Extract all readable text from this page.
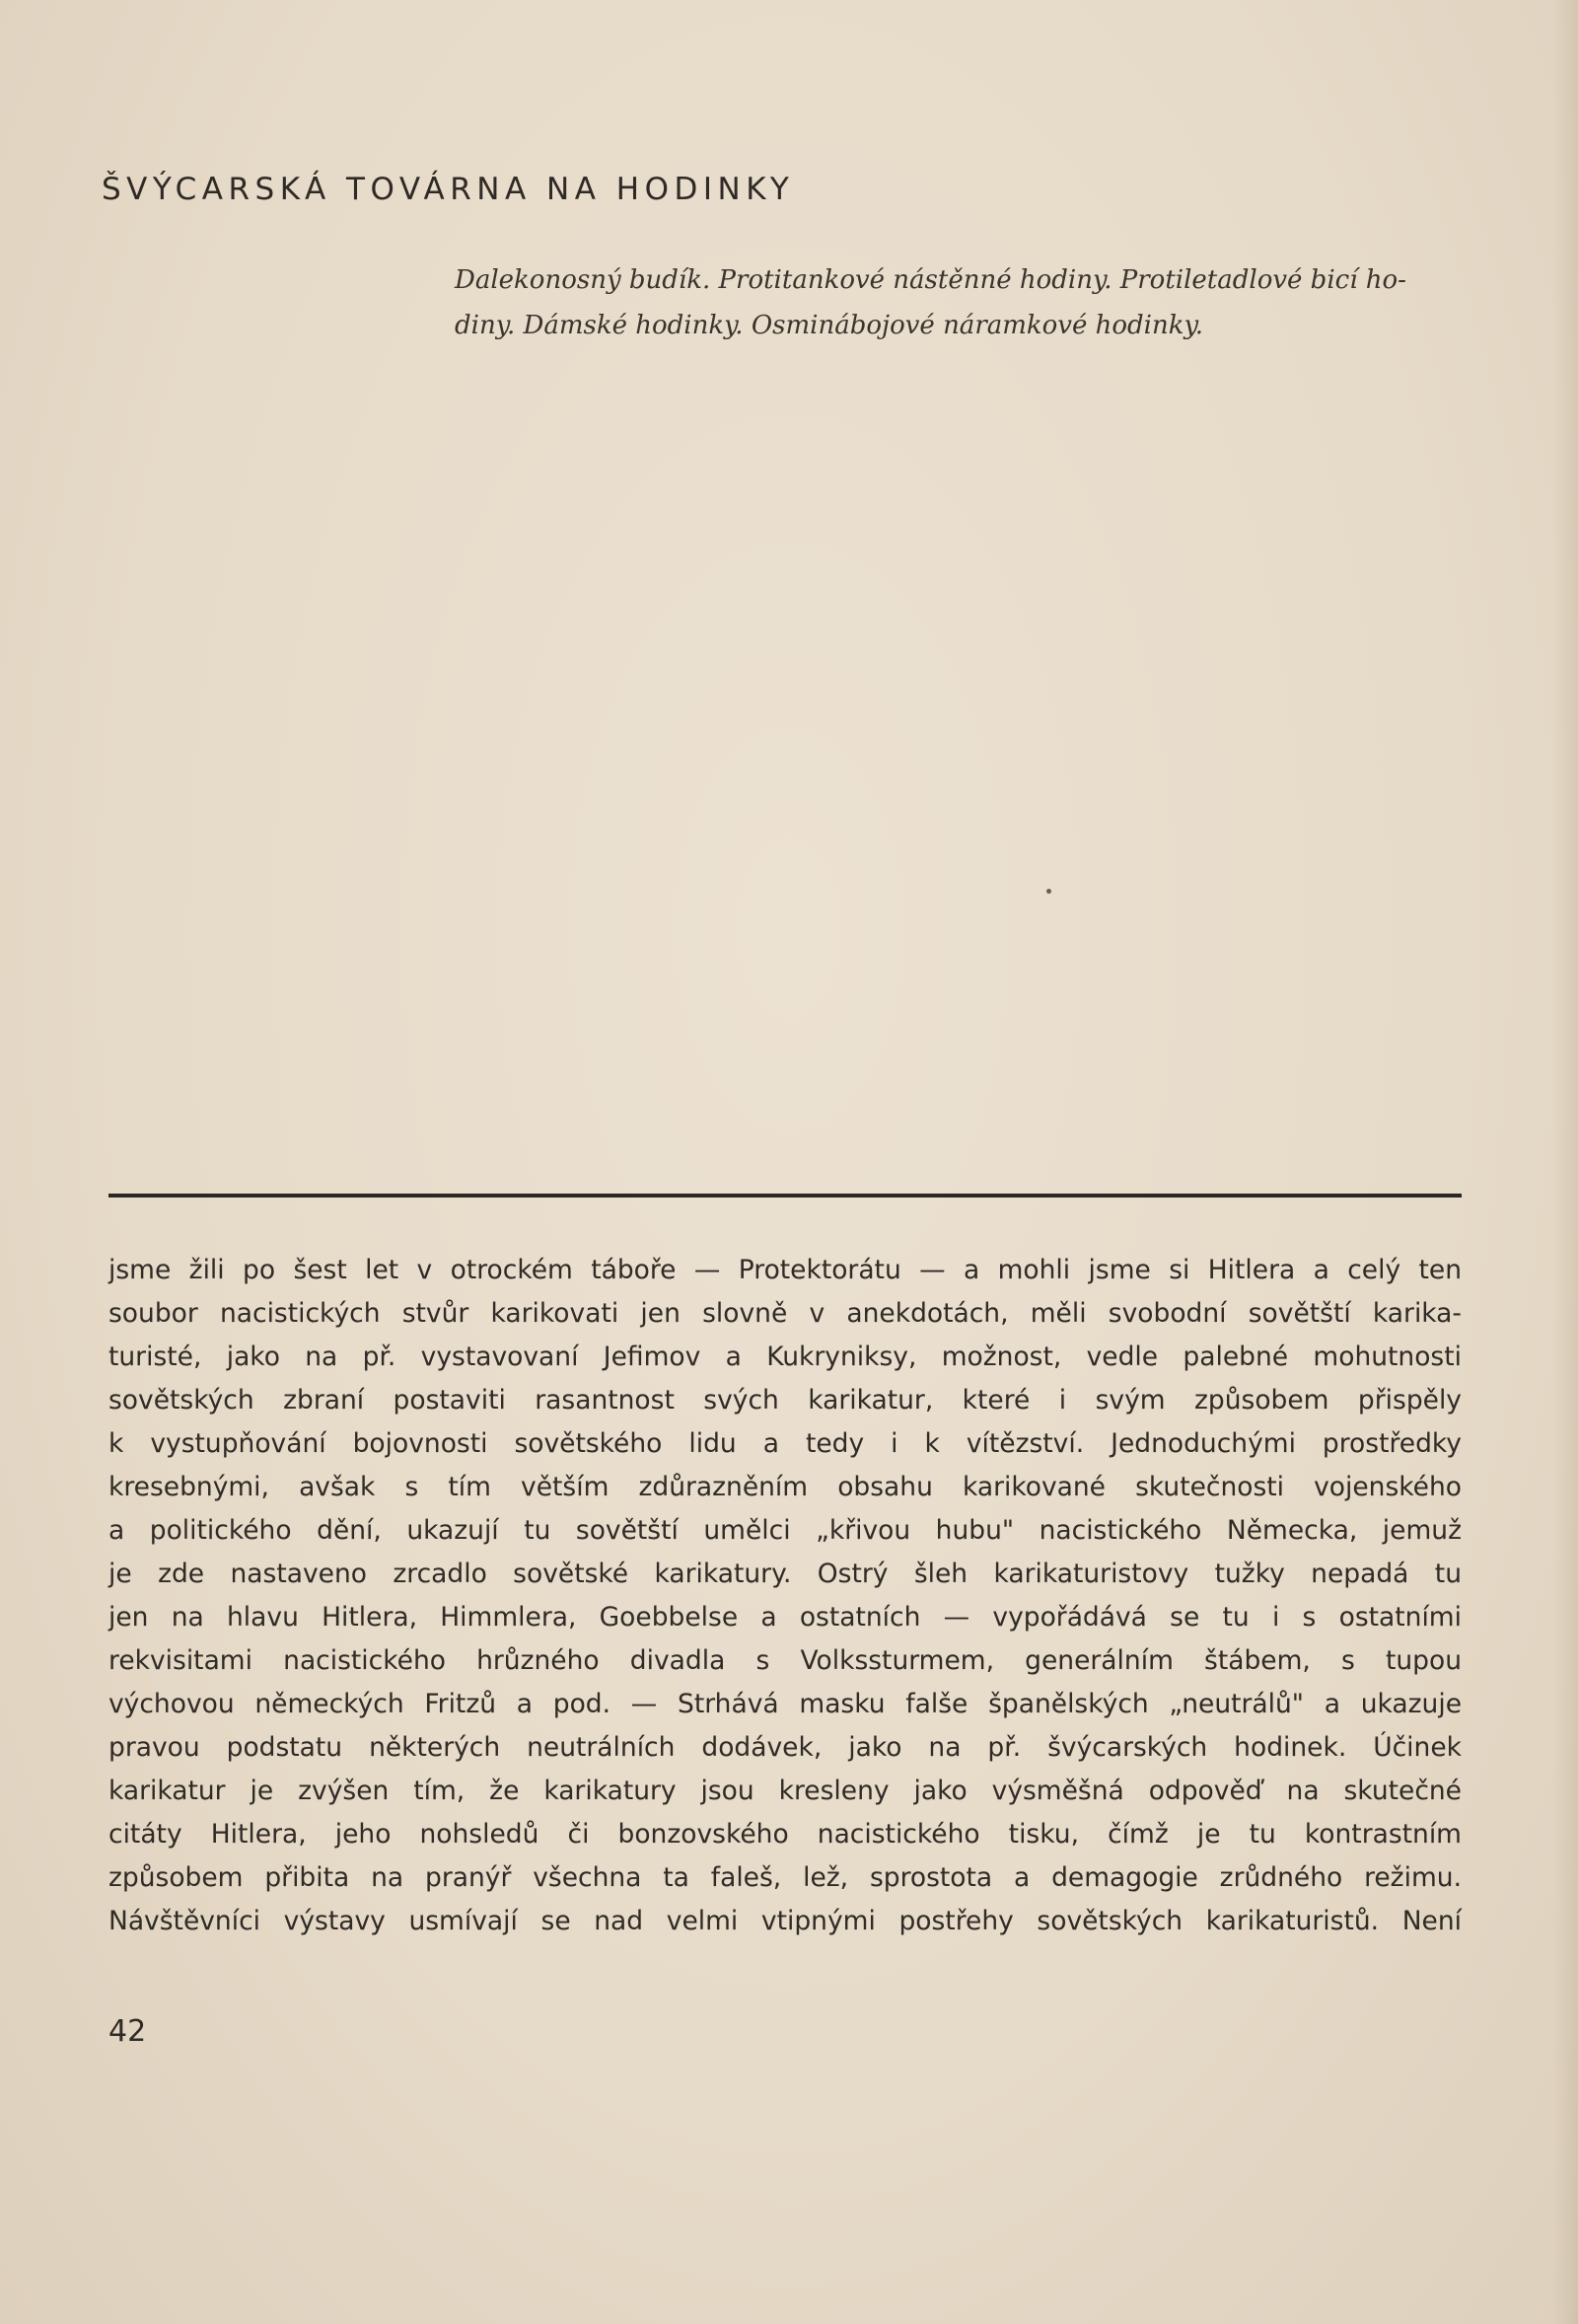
ŠVÝCARSKÁ TOVÁRNA NA HODINKY
Dalekonosný budík. Protitankové nástěnné hodiny. Protiletadlové bicí ho-
diny. Dámské hodinky. Osminábojové náramkové hodinky.
jsme žili po šest let v otrockém táboře — Protektorátu — a mohli jsme si Hitlera a celý ten
soubor nacistických stvůr karikovati jen slovně v anekdotách, měli svobodní sovětští karika-
turisté, jako na př. vystavovaní Jefimov a Kukryniksy, možnost, vedle palebné mohutnosti
sovětských zbraní postaviti rasantnost svých karikatur, které i svým způsobem přispěly
k vystupňování bojovnosti sovětského lidu a tedy i k vítězství. Jednoduchými prostředky
kresebnými, avšak s tím větším zdůrazněním obsahu karikované skutečnosti vojenského
a politického dění, ukazují tu sovětští umělci „křivou hubu" nacistického Německa, jemuž
je zde nastaveno zrcadlo sovětské karikatury. Ostrý šleh karikaturistovy tužky nepadá tu
jen na hlavu Hitlera, Himmlera, Goebbelse a ostatních — vypořádává se tu i s ostatními
rekvisitami nacistického hrůzného divadla s Volkssturmem, generálním štábem, s tupou
výchovou německých Fritzů a pod. — Strhává masku falše španělských „neutrálů" a ukazuje
pravou podstatu některých neutrálních dodávek, jako na př. švýcarských hodinek. Účinek
karikatur je zvýšen tím, že karikatury jsou kresleny jako výsměšná odpověď na skutečné
citáty Hitlera, jeho nohsledů či bonzovského nacistického tisku, čímž je tu kontrastním
způsobem přibita na pranýř všechna ta faleš, lež, sprostota a demagogie zrůdného režimu.
Návštěvníci výstavy usmívají se nad velmi vtipnými postřehy sovětských karikaturistů. Není
42
